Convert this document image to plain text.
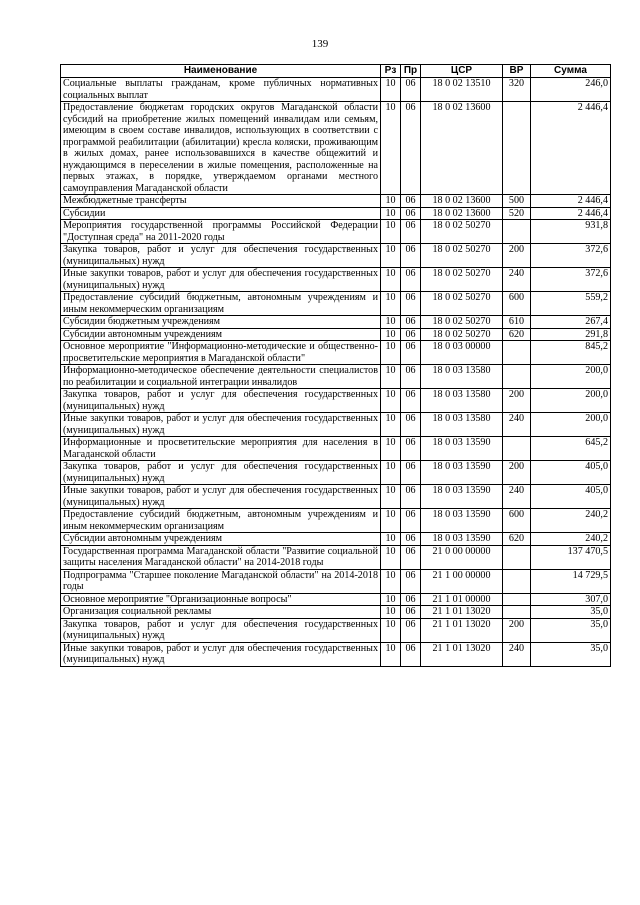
139
Наименование	Рз	Пр	ЦСР	ВР	Сумма
Социальные выплаты гражданам, кроме публичных нормативных социальных выплат	10	06	18 0 02 13510	320	246,0
Предоставление бюджетам городских округов Магаданской области субсидий на приобретение жилых помещений инвалидам или семьям, имеющим в своем составе инвалидов, использующих в соответствии с программой реабилитации (абилитации) кресла коляски, проживающим в жилых домах, ранее использовавшихся в качестве общежитий и нуждающимся в переселении в жилые помещения, расположенные на первых этажах, в порядке, утверждаемом органами местного самоуправления Магаданской области	10	06	18 0 02 13600		2 446,4
Межбюджетные трансферты	10	06	18 0 02 13600	500	2 446,4
Субсидии	10	06	18 0 02 13600	520	2 446,4
Мероприятия государственной программы Российской Федерации "Доступная среда" на 2011-2020 годы	10	06	18 0 02 50270		931,8
Закупка товаров, работ и услуг для обеспечения государственных (муниципальных) нужд	10	06	18 0 02 50270	200	372,6
Иные закупки товаров, работ и услуг для обеспечения государственных (муниципальных) нужд	10	06	18 0 02 50270	240	372,6
Предоставление субсидий бюджетным, автономным учреждениям и иным некоммерческим организациям	10	06	18 0 02 50270	600	559,2
Субсидии бюджетным учреждениям	10	06	18 0 02 50270	610	267,4
Субсидии автономным учреждениям	10	06	18 0 02 50270	620	291,8
Основное мероприятие "Информационно-методические и общественно-просветительские мероприятия в Магаданской области"	10	06	18 0 03 00000		845,2
Информационно-методическое обеспечение деятельности специалистов по реабилитации и социальной интеграции инвалидов	10	06	18 0 03 13580		200,0
Закупка товаров, работ и услуг для обеспечения государственных (муниципальных) нужд	10	06	18 0 03 13580	200	200,0
Иные закупки товаров, работ и услуг для обеспечения государственных (муниципальных) нужд	10	06	18 0 03 13580	240	200,0
Информационные и просветительские мероприятия для населения в Магаданской области	10	06	18 0 03 13590		645,2
Закупка товаров, работ и услуг для обеспечения государственных (муниципальных) нужд	10	06	18 0 03 13590	200	405,0
Иные закупки товаров, работ и услуг для обеспечения государственных (муниципальных) нужд	10	06	18 0 03 13590	240	405,0
Предоставление субсидий бюджетным, автономным учреждениям и иным некоммерческим организациям	10	06	18 0 03 13590	600	240,2
Субсидии автономным учреждениям	10	06	18 0 03 13590	620	240,2
Государственная программа Магаданской области "Развитие социальной защиты населения Магаданской области" на 2014-2018 годы	10	06	21 0 00 00000		137 470,5
Подпрограмма "Старшее поколение Магаданской области" на 2014-2018 годы	10	06	21 1 00 00000		14 729,5
Основное мероприятие "Организационные вопросы"	10	06	21 1 01 00000		307,0
Организация социальной рекламы	10	06	21 1 01 13020		35,0
Закупка товаров, работ и услуг для обеспечения государственных (муниципальных) нужд	10	06	21 1 01 13020	200	35,0
Иные закупки товаров, работ и услуг для обеспечения государственных (муниципальных) нужд	10	06	21 1 01 13020	240	35,0
